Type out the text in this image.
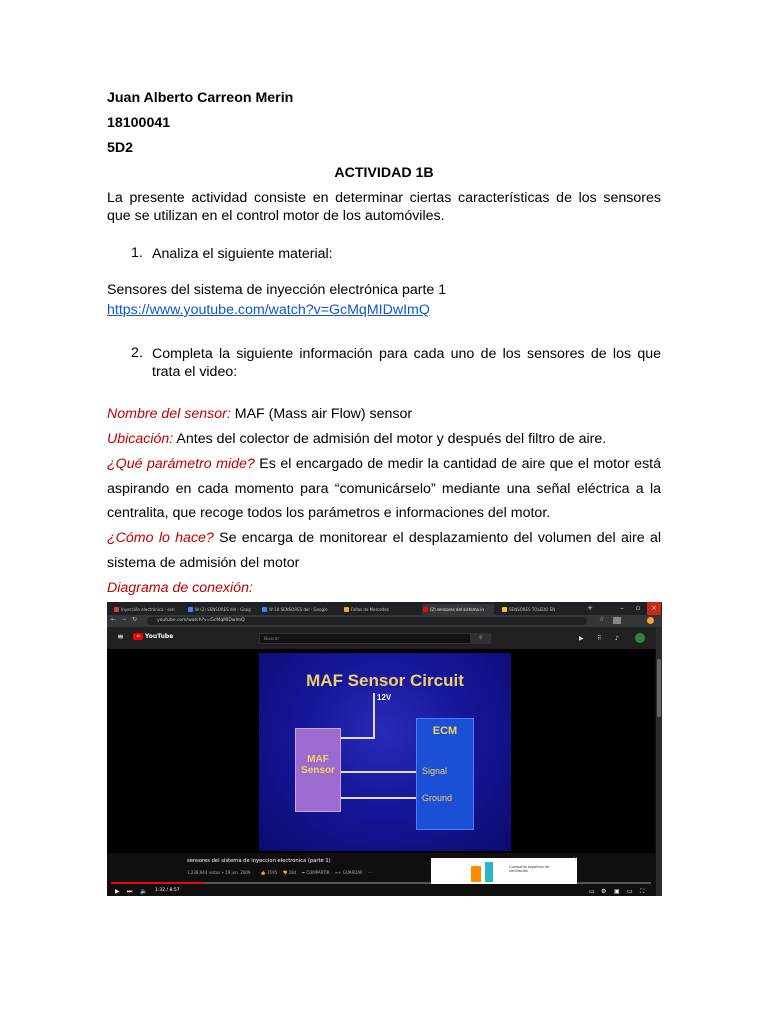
Juan Alberto Carreon Merin
18100041
5D2
ACTIVIDAD 1B
La presente actividad consiste en determinar ciertas características de los sensores que se utilizan en el control motor de los automóviles.
1. Analiza el siguiente material:
Sensores del sistema de inyección electrónica parte 1
https://www.youtube.com/watch?v=GcMqMIDwImQ
2. Completa la siguiente información para cada uno de los sensores de los que trata el video:
Nombre del sensor: MAF (Mass air Flow) sensor
Ubicación: Antes del colector de admisión del motor y después del filtro de aire.
¿Qué parámetro mide? Es el encargado de medir la cantidad de aire que el motor está aspirando en cada momento para “comunicárselo” mediante una señal eléctrica a la centralita, que recoge todos los parámetros e informaciones del motor.
¿Cómo lo hace? Se encarga de monitorear el desplazamiento del volumen del aire al sistema de admisión del motor
Diagrama de conexión:
Inyección electrónica - sen	W (2) SENSORES del - Goog	W 18 SENSORES del - Google	Fallas de Mercedes	(2) sensores del sistema in	SENSORES TOLEDO EN	+	–	▫	×
← → ↻	youtube.com/watch?v=GcMqMIDwImQ	☆
≡	YouTube	Buscar	⚲	▶ ⠿ ♪
MAF Sensor Circuit
12V
MAF Sensor
ECM
Signal
Ground
▶ ⏭ 🔈 1:32 / 8:57	▭ ⚙ ▣ ▭ ⛶
sensores del sistema de inyeccion electronica (parte 1)
1,238,944 vistas • 19 jun. 2009	👍 3595 👎 284 ➦ COMPARTIR ≡+ GUARDAR ···
Compañía española de ventilación
×
